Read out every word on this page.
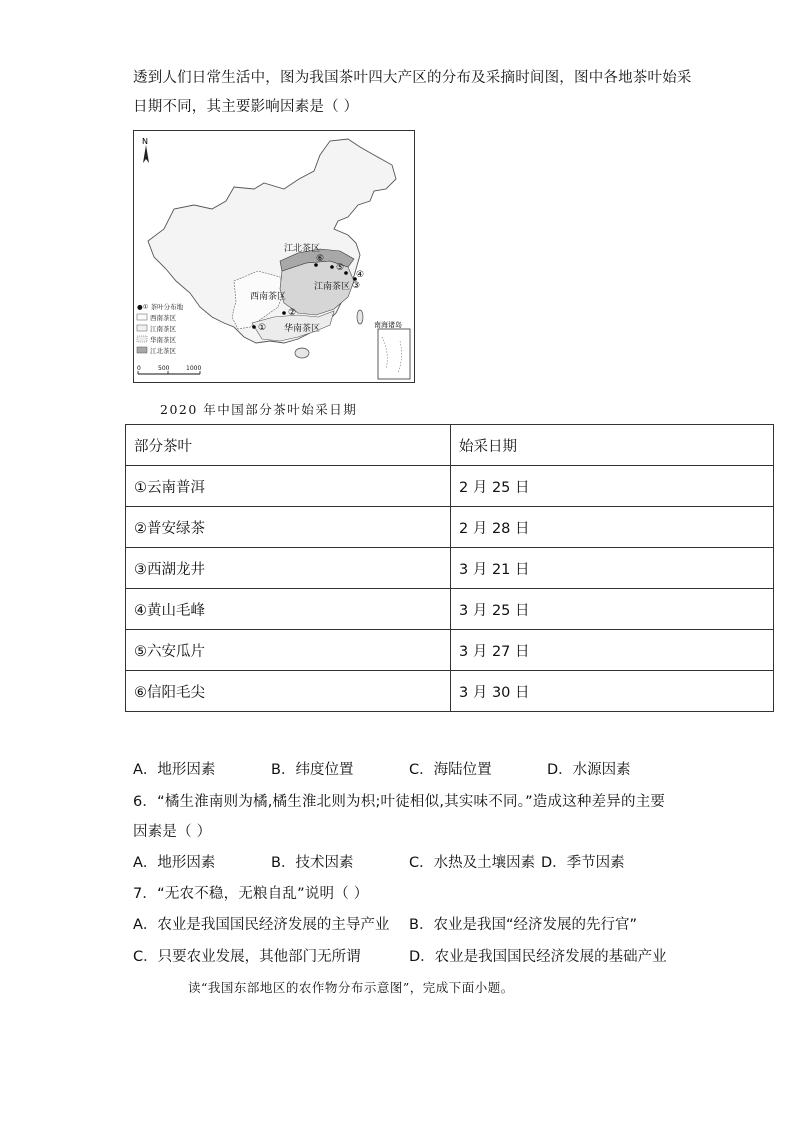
透到人们日常生活中，图为我国茶叶四大产区的分布及采摘时间图，图中各地茶叶始采
日期不同，其主要影响因素是（ ）
N
江北茶区
西南茶区
江南茶区
华南茶区
①
②
③
④
⑤
⑥
南海诸岛
●① 茶叶分布地
西南茶区
江南茶区
华南茶区
江北茶区
0	500	1000
2020 年中国部分茶叶始采日期
部分茶叶	始采日期
①云南普洱	2 月 25 日
②普安绿茶	2 月 28 日
③西湖龙井	3 月 21 日
④黄山毛峰	3 月 25 日
⑤六安瓜片	3 月 27 日
⑥信阳毛尖	3 月 30 日
A．地形因素	B．纬度位置	C．海陆位置	D．水源因素
6．“橘生淮南则为橘,橘生淮北则为枳;叶徒相似,其实味不同。”造成这种差异的主要
因素是（ ）
A．地形因素	B．技术因素	C．水热及土壤因素 D．季节因素
7．“无农不稳，无粮自乱”说明（ ）
A．农业是我国国民经济发展的主导产业 B．农业是我国“经济发展的先行官”
C．只要农业发展，其他部门无所谓	D．农业是我国国民经济发展的基础产业
读“我国东部地区的农作物分布示意图”，完成下面小题。
